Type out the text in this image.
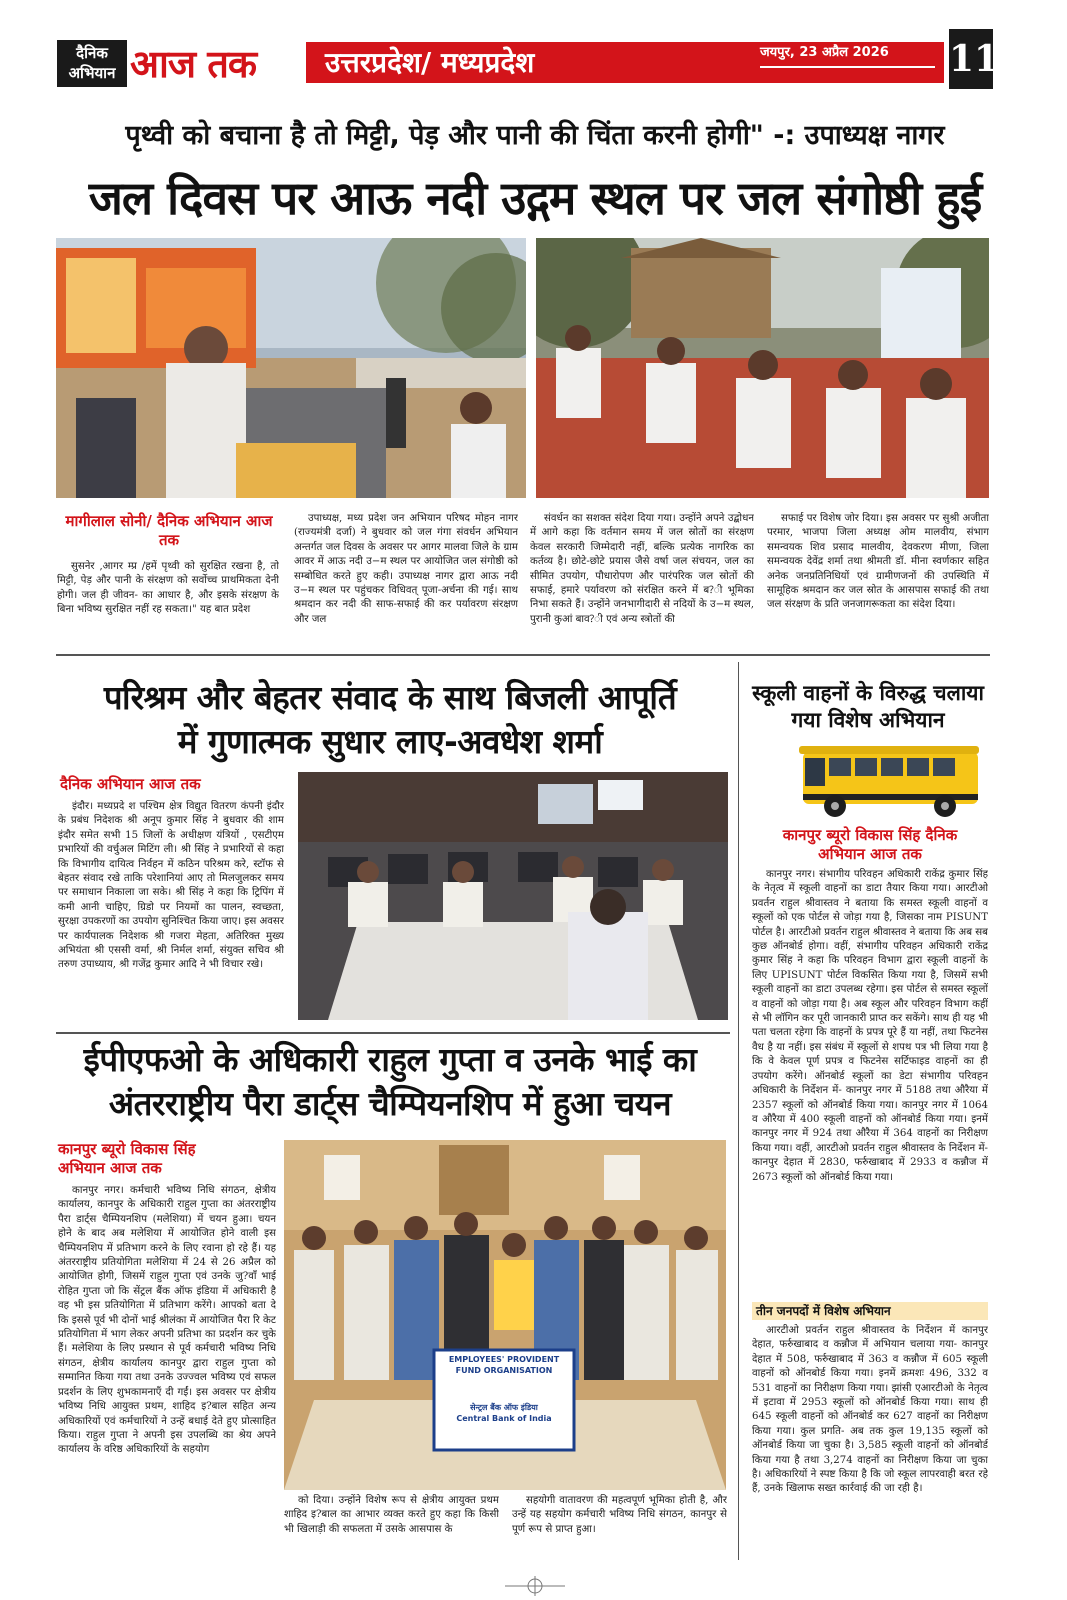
दैनिक
अभियान आज तक उत्तरप्रदेश/ मध्यप्रदेश	जयपुर, 23 अप्रैल 2026 11
पृथ्वी को बचाना है तो मिट्टी, पेड़ और पानी की चिंता करनी होगी" -: उपाध्यक्ष नागर
जल दिवस पर आऊ नदी उद्गम स्थल पर जल संगोष्ठी हुई
मागीलाल सोनी/ दैनिक अभियान आज तक

सुसनेर ,आगर म्प्र /हमें पृथ्वी को सुरक्षित रखना है, तो मिट्टी, पेड़ और पानी के संरक्षण को सर्वोच्च प्राथमिकता देनी होगी। जल ही जीवन- का आधार है, और इसके संरक्षण के बिना भविष्य सुरक्षित नहीं रह सकता।" यह बात प्रदेश

उपाध्यक्ष, मध्य प्रदेश जन अभियान परिषद मोहन नागर (राज्यमंत्री दर्जा) ने बुधवार को जल गंगा संवर्धन अभियान अन्तर्गत जल दिवस के अवसर पर आगर मालवा जिले के ग्राम आवर में आऊ नदी उ−म स्थल पर आयोजित जल संगोष्ठी को सम्बोधित करते हुए कही। उपाध्यक्ष नागर द्वारा आऊ नदी उ−म स्थल पर पहुंचकर विधिवत् पूजा-अर्चना की गई। साथ श्रमदान कर नदी की साफ-सफाई की कर पर्यावरण संरक्षण और जल

संवर्धन का सशक्त संदेश दिया गया। उन्होंने अपने उद्बोधन में आगे कहा कि वर्तमान समय में जल स्रोतों का संरक्षण केवल सरकारी जिम्मेदारी नहीं, बल्कि प्रत्येक नागरिक का कर्तव्य है। छोटे-छोटे प्रयास जैसे वर्षा जल संचयन, जल का सीमित उपयोग, पौधारोपण और पारंपरिक जल स्रोतों की सफाई, हमारे पर्यावरण को संरक्षित करने में ब?ी भूमिका निभा सकते हैं। उन्होंने जनभागीदारी से नदियों के उ−म स्थल, पुरानी कुआं बाव?ी एवं अन्य स्त्रोतों की

सफाई पर विशेष जोर दिया। इस अवसर पर सुश्री अजीता परमार, भाजपा जिला अध्यक्ष ओम मालवीय, संभाग समन्वयक शिव प्रसाद मालवीय, देवकरण मीणा, जिला समन्वयक देवेंद्र शर्मा तथा श्रीमती डॉ. मीना स्वर्णकार सहित अनेक जनप्रतिनिधियों एवं ग्रामीणजनों की उपस्थिति में सामूहिक श्रमदान कर जल स्रोत के आसपास सफाई की तथा जल संरक्षण के प्रति जनजागरूकता का संदेश दिया।

परिश्रम और बेहतर संवाद के साथ बिजली आपूर्ति
में गुणात्मक सुधार लाए-अवधेश शर्मा
दैनिक अभियान आज तक

इंदौर। मध्यप्रदे श पश्चिम क्षेत्र विद्युत वितरण कंपनी इंदौर के प्रबंध निदेशक श्री अनूप कुमार सिंह ने बुधवार की शाम इंदौर समेत सभी 15 जिलों के अधीक्षण यंत्रियों , एसटीएम प्रभारियों की वर्चुअल मिटिंग ली। श्री सिंह ने प्रभारियों से कहा कि विभागीय दायित्व निर्वहन में कठिन परिश्रम करे, स्टॉफ से बेहतर संवाद रखे ताकि परेशानियां आए तो मिलजुलकर समय पर समाधान निकाला जा सके। श्री सिंह ने कहा कि ट्रिपिंग में कमी आनी चाहिए, ग्रिडो पर नियमों का पालन, स्वच्छता, सुरक्षा उपकरणों का उपयोग सुनिश्चित किया जाए। इस अवसर पर कार्यपालक निदेशक श्री गजरा मेहता, अतिरिक्त मुख्य अभियंता श्री एससी वर्मा, श्री निर्मल शर्मा, संयुक्त सचिव श्री तरुण उपाध्याय, श्री गजेंद्र कुमार आदि ने भी विचार रखे।

ईपीएफओ के अधिकारी राहुल गुप्ता व उनके भाई का
अंतरराष्ट्रीय पैरा डार्ट्स चैम्पियनशिप में हुआ चयन
कानपुर ब्यूरो विकास सिंह
अभियान आज तक

कानपुर नगर। कर्मचारी भविष्य निधि संगठन, क्षेत्रीय कार्यालय, कानपुर के अधिकारी राहुल गुप्ता का अंतरराष्ट्रीय पैरा डार्ट्स चैम्पियनशिप (मलेशिया) में चयन हुआ। चयन होने के बाद अब मलेशिया में आयोजित होने वाली इस चैम्पियनशिप में प्रतिभाग करने के लिए रवाना हो रहे हैं। यह अंतरराष्ट्रीय प्रतियोगिता मलेशिया में 24 से 26 अप्रैल को आयोजित होगी, जिसमें राहुल गुप्ता एवं उनके जु?वाँ भाई रोहित गुप्ता जो कि सेंट्रल बैंक ऑफ इंडिया में अधिकारी है वह भी इस प्रतियोगिता में प्रतिभाग करेंगे। आपको बता दे कि इससे पूर्व भी दोनों भाई श्रीलंका में आयोजित पैरा रि केट प्रतियोगिता में भाग लेकर अपनी प्रतिभा का प्रदर्शन कर चुके हैं। मलेशिया के लिए प्रस्थान से पूर्व कर्मचारी भविष्य निधि संगठन, क्षेत्रीय कार्यालय कानपुर द्वारा राहुल गुप्ता को सम्मानित किया गया तथा उनके उज्ज्वल भविष्य एवं सफल प्रदर्शन के लिए शुभकामनाएँ दी गईं। इस अवसर पर क्षेत्रीय भविष्य निधि आयुक्त प्रथम, शाहिद इ?बाल सहित अन्य अधिकारियों एवं कर्मचारियों ने उन्हें बधाई देते हुए प्रोत्साहित किया। राहुल गुप्ता ने अपनी इस उपलब्धि का श्रेय अपने कार्यालय के वरिष्ठ अधिकारियों के सहयोग

EMPLOYEES' PROVIDENT
FUND ORGANISATION
सेन्ट्रल बैंक ऑफ इंडिया
Central Bank of India

को दिया। उन्होंने विशेष रूप से क्षेत्रीय आयुक्त प्रथम शाहिद इ?बाल का आभार व्यक्त करते हुए कहा कि किसी भी खिलाड़ी की सफलता में उसके आसपास के

सहयोगी वातावरण की महत्वपूर्ण भूमिका होती है, और उन्हें यह सहयोग कर्मचारी भविष्य निधि संगठन, कानपुर से पूर्ण रूप से प्राप्त हुआ।

स्कूली वाहनों के विरुद्ध चलाया
गया विशेष अभियान
कानपुर ब्यूरो विकास सिंह दैनिक
अभियान आज तक

कानपुर नगर। संभागीय परिवहन अधिकारी राकेंद्र कुमार सिंह के नेतृत्व में स्कूली वाहनों का डाटा तैयार किया गया। आरटीओ प्रवर्तन राहुल श्रीवास्तव ने बताया कि समस्त स्कूली वाहनों व स्कूलों को एक पोर्टल से जोड़ा गया है, जिसका नाम PISUNT पोर्टल है। आरटीओ प्रवर्तन राहुल श्रीवास्तव ने बताया कि अब सब कुछ ऑनबोर्ड होगा। वहीं, संभागीय परिवहन अधिकारी राकेंद्र कुमार सिंह ने कहा कि परिवहन विभाग द्वारा स्कूली वाहनों के लिए UPISUNT पोर्टल विकसित किया गया है, जिसमें सभी स्कूली वाहनों का डाटा उपलब्ध रहेगा। इस पोर्टल से समस्त स्कूलों व वाहनों को जोड़ा गया है। अब स्कूल और परिवहन विभाग कहीं से भी लॉगिन कर पूरी जानकारी प्राप्त कर सकेंगे। साथ ही यह भी पता चलता रहेगा कि वाहनों के प्रपत्र पूरे हैं या नहीं, तथा फिटनेस वैध है या नहीं। इस संबंध में स्कूलों से शपथ पत्र भी लिया गया है कि वे केवल पूर्ण प्रपत्र व फिटनेस सर्टिफाइड वाहनों का ही उपयोग करेंगे। ऑनबोर्ड स्कूलों का डेटा संभागीय परिवहन अधिकारी के निर्देशन में- कानपुर नगर में 5188 तथा औरैया में 2357 स्कूलों को ऑनबोर्ड किया गया। कानपुर नगर में 1064 व औरैया में 400 स्कूली वाहनों को ऑनबोर्ड किया गया। इनमें कानपुर नगर में 924 तथा औरैया में 364 वाहनों का निरीक्षण किया गया। वहीं, आरटीओ प्रवर्तन राहुल श्रीवास्तव के निर्देशन में- कानपुर देहात में 2830, फर्रुखाबाद में 2933 व कन्नौज में 2673 स्कूलों को ऑनबोर्ड किया गया।

तीन जनपदों में विशेष अभियान

आरटीओ प्रवर्तन राहुल श्रीवास्तव के निर्देशन में कानपुर देहात, फर्रुखाबाद व कन्नौज में अभियान चलाया गया- कानपुर देहात में 508, फर्रुखाबाद में 363 व कन्नौज में 605 स्कूली वाहनों को ऑनबोर्ड किया गया। इनमें क्रमशः 496, 332 व 531 वाहनों का निरीक्षण किया गया। झांसी एआरटीओ के नेतृत्व में इटावा में 2953 स्कूलों को ऑनबोर्ड किया गया। साथ ही 645 स्कूली वाहनों को ऑनबोर्ड कर 627 वाहनों का निरीक्षण किया गया। कुल प्रगति- अब तक कुल 19,135 स्कूलों को ऑनबोर्ड किया जा चुका है। 3,585 स्कूली वाहनों को ऑनबोर्ड किया गया है तथा 3,274 वाहनों का निरीक्षण किया जा चुका है। अधिकारियों ने स्पष्ट किया है कि जो स्कूल लापरवाही बरत रहे हैं, उनके खिलाफ सख्त कार्रवाई की जा रही है।
